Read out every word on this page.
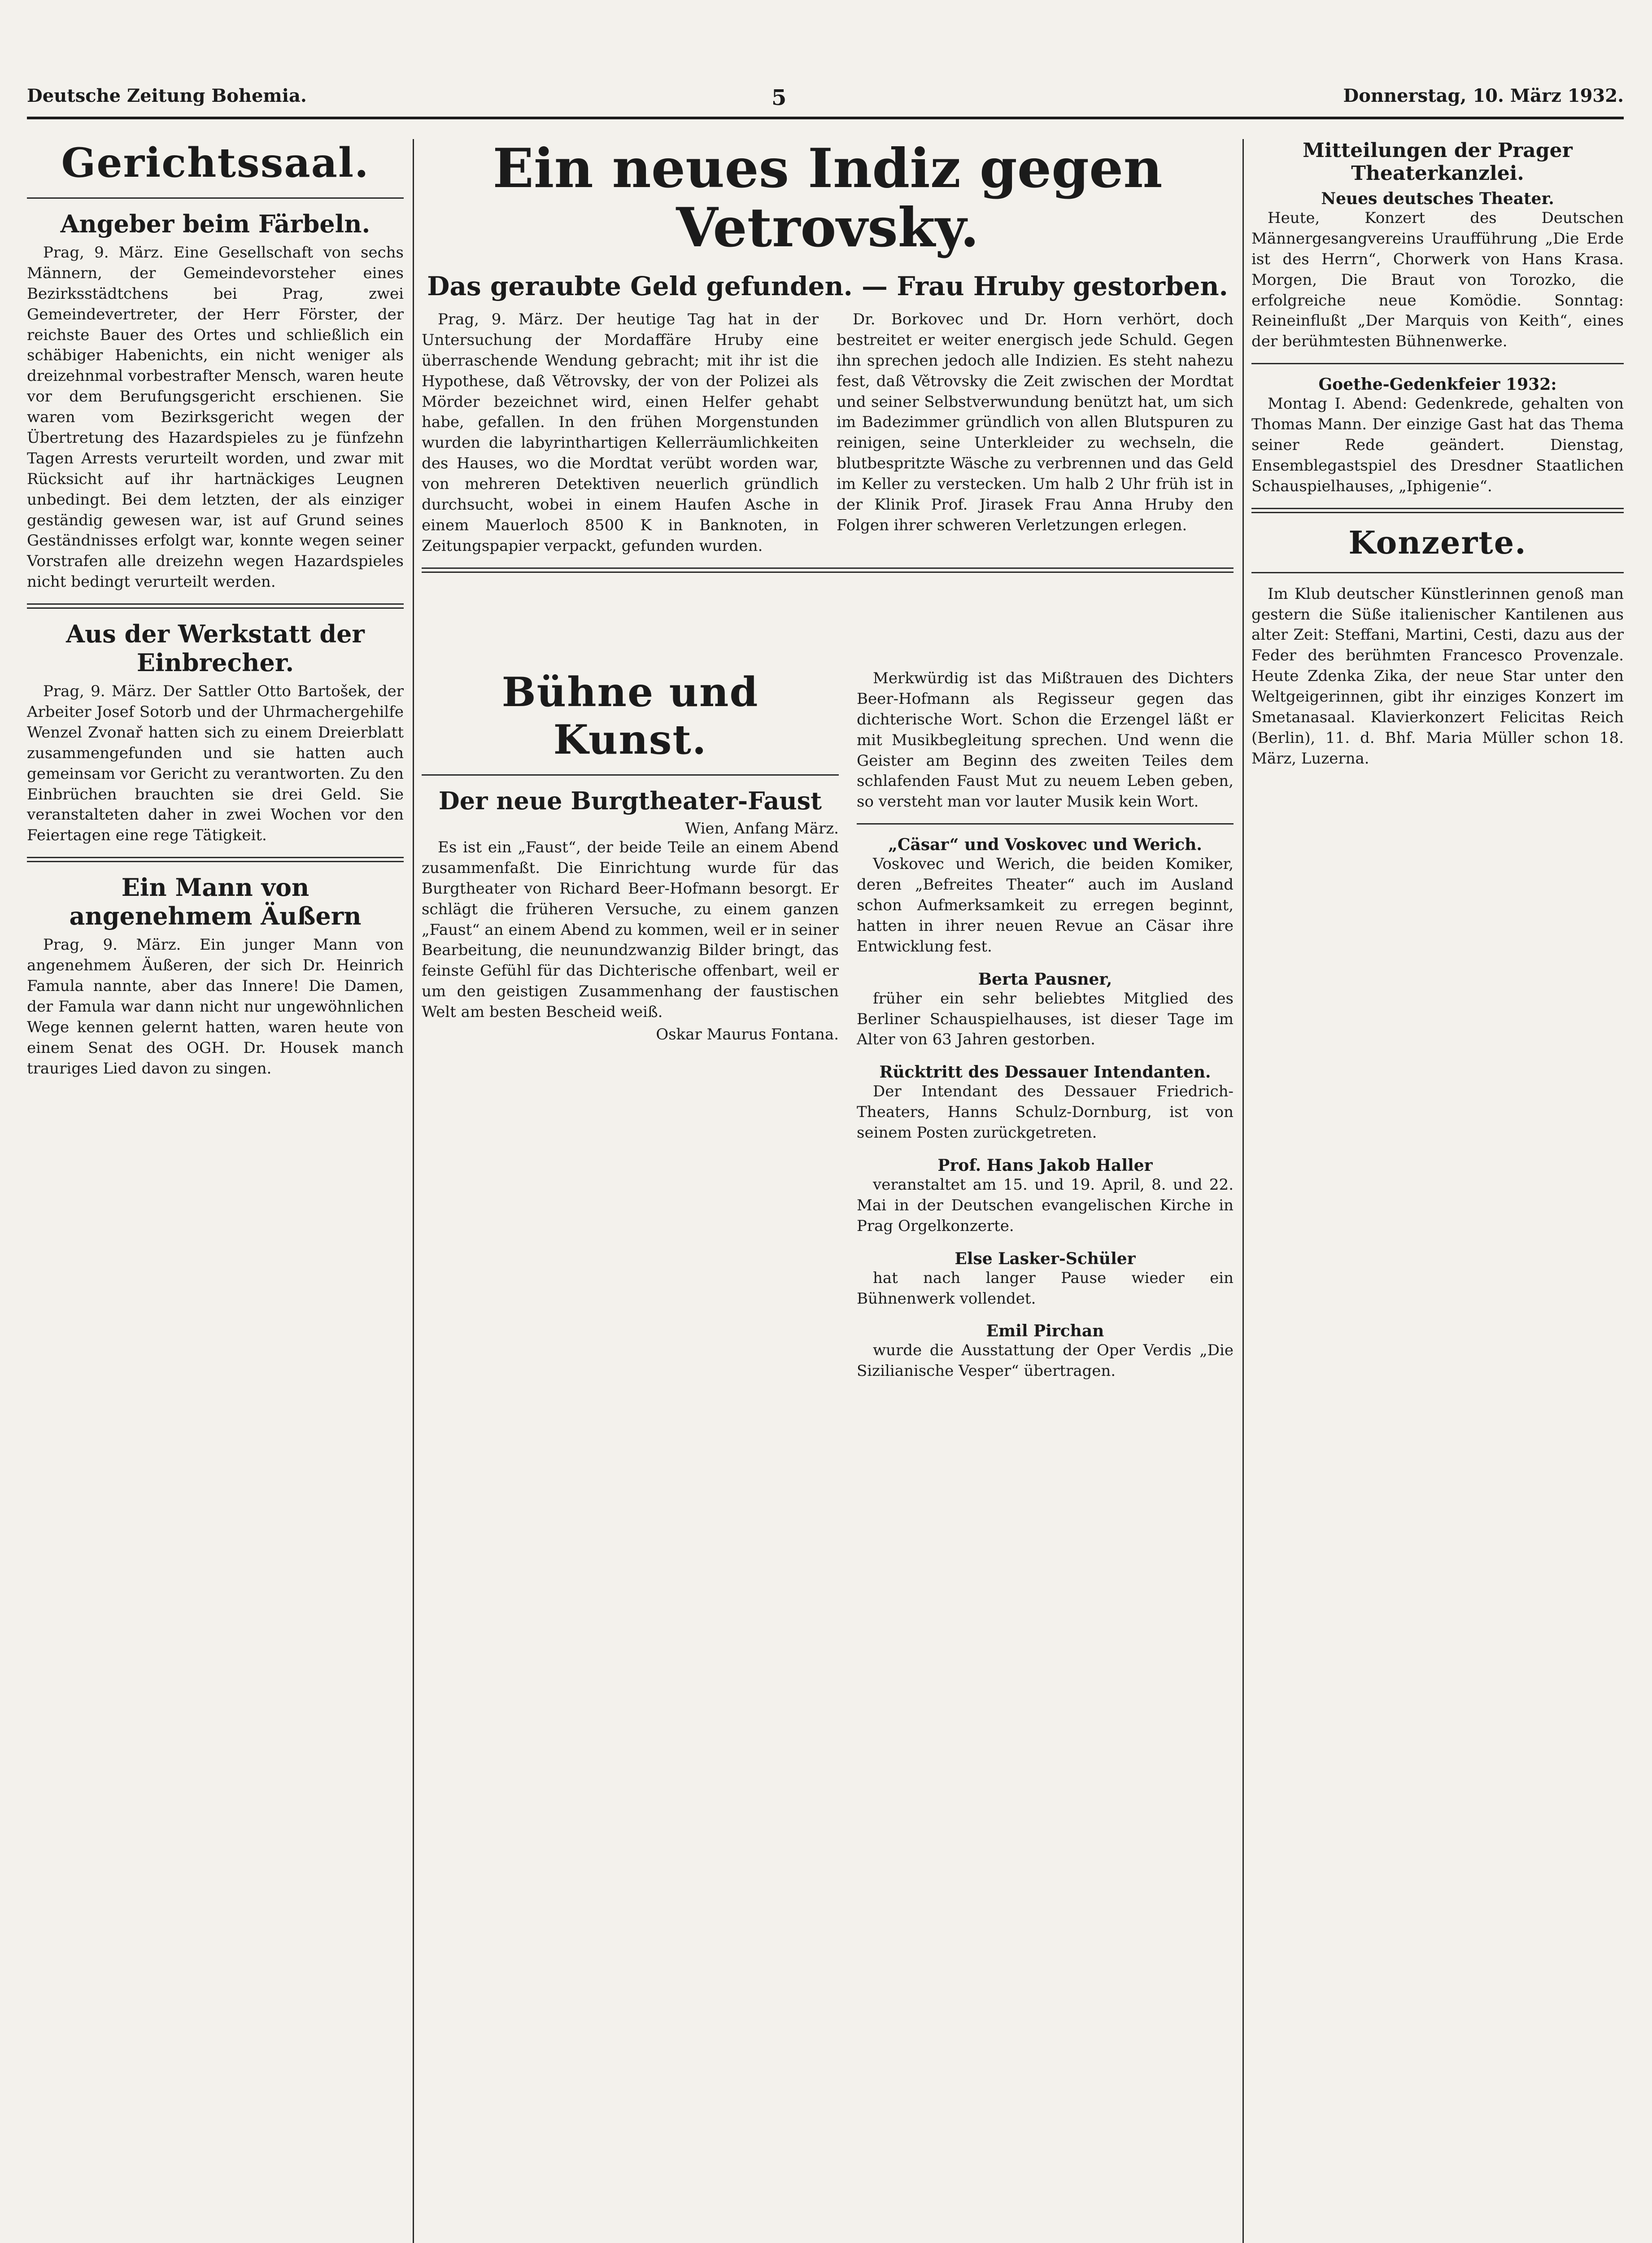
Deutsche Zeitung Bohemia.	5	Donnerstag, 10. März 1932.
Gerichtssaal.
Angeber beim Färbeln.

Prag, 9. März. Eine Gesellschaft von sechs Männern, der Gemeindevorsteher eines Bezirksstädtchens bei Prag, zwei Gemeindevertreter, der Herr Förster, der reichste Bauer des Ortes und schließlich ein schäbiger Habenichts, ein nicht weniger als dreizehnmal vorbestrafter Mensch, waren heute vor dem Berufungsgericht erschienen. Sie waren vom Bezirksgericht wegen der Übertretung des Hazardspieles zu je fünfzehn Tagen Arrests verurteilt worden, und zwar mit Rücksicht auf ihr hartnäckiges Leugnen unbedingt. Bei dem letzten, der als einziger geständig gewesen war, ist auf Grund seines Geständnisses erfolgt war, konnte wegen seiner Vorstrafen alle dreizehn wegen Hazardspieles nicht bedingt verurteilt werden.

Aus der Werkstatt der Einbrecher.

Prag, 9. März. Der Sattler Otto Bartošek, der Arbeiter Josef Sotorb und der Uhrmachergehilfe Wenzel Zvonař hatten sich zu einem Dreierblatt zusammengefunden und sie hatten auch gemeinsam vor Gericht zu verantworten. Zu den Einbrüchen brauchten sie drei Geld. Sie veranstalteten daher in zwei Wochen vor den Feiertagen eine rege Tätigkeit.

Ein Mann von angenehmem Äußern

Prag, 9. März. Ein junger Mann von angenehmem Äußeren, der sich Dr. Heinrich Famula nannte, aber das Innere! Die Damen, der Famula war dann nicht nur ungewöhnlichen Wege kennen gelernt hatten, waren heute von einem Senat des OGH. Dr. Housek manch trauriges Lied davon zu singen.

Ein neues Indiz gegen Vetrovsky.
Das geraubte Geld gefunden. — Frau Hruby gestorben.

Prag, 9. März. Der heutige Tag hat in der Untersuchung der Mordaffäre Hruby eine überraschende Wendung gebracht; mit ihr ist die Hypothese, daß Větrovsky, der von der Polizei als Mörder bezeichnet wird, einen Helfer gehabt habe, gefallen. In den frühen Morgenstunden wurden die labyrinthartigen Kellerräumlichkeiten des Hauses, wo die Mordtat verübt worden war, von mehreren Detektiven neuerlich gründlich durchsucht, wobei in einem Haufen Asche in einem Mauerloch 8500 K in Banknoten, in Zeitungspapier verpackt, gefunden wurden.

Dr. Borkovec und Dr. Horn verhört, doch bestreitet er weiter energisch jede Schuld. Gegen ihn sprechen jedoch alle Indizien. Es steht nahezu fest, daß Větrovsky die Zeit zwischen der Mordtat und seiner Selbstverwundung benützt hat, um sich im Badezimmer gründlich von allen Blutspuren zu reinigen, seine Unterkleider zu wechseln, die blutbespritzte Wäsche zu verbrennen und das Geld im Keller zu verstecken. Um halb 2 Uhr früh ist in der Klinik Prof. Jirasek Frau Anna Hruby den Folgen ihrer schweren Verletzungen erlegen.

Bühne und Kunst.
Der neue Burgtheater-Faust
Wien, Anfang März.

Es ist ein „Faust“, der beide Teile an einem Abend zusammenfaßt. Die Einrichtung wurde für das Burgtheater von Richard Beer-Hofmann besorgt. Er schlägt die früheren Versuche, zu einem ganzen „Faust“ an einem Abend zu kommen, weil er in seiner Bearbeitung, die neunundzwanzig Bilder bringt, das feinste Gefühl für das Dichterische offenbart, weil er um den geistigen Zusammenhang der faustischen Welt am besten Bescheid weiß.

Oskar Maurus Fontana.

Merkwürdig ist das Mißtrauen des Dichters Beer-Hofmann als Regisseur gegen das dichterische Wort. Schon die Erzengel läßt er mit Musikbegleitung sprechen. Und wenn die Geister am Beginn des zweiten Teiles dem schlafenden Faust Mut zu neuem Leben geben, so versteht man vor lauter Musik kein Wort.

„Cäsar“ und Voskovec und Werich.

Voskovec und Werich, die beiden Komiker, deren „Befreites Theater“ auch im Ausland schon Aufmerksamkeit zu erregen beginnt, hatten in ihrer neuen Revue an Cäsar ihre Entwicklung fest.

Berta Pausner,

früher ein sehr beliebtes Mitglied des Berliner Schauspielhauses, ist dieser Tage im Alter von 63 Jahren gestorben.

Rücktritt des Dessauer Intendanten.

Der Intendant des Dessauer Friedrich-Theaters, Hanns Schulz-Dornburg, ist von seinem Posten zurückgetreten.

Prof. Hans Jakob Haller

veranstaltet am 15. und 19. April, 8. und 22. Mai in der Deutschen evangelischen Kirche in Prag Orgelkonzerte.

Else Lasker-Schüler

hat nach langer Pause wieder ein Bühnenwerk vollendet.

Emil Pirchan

wurde die Ausstattung der Oper Verdis „Die Sizilianische Vesper“ übertragen.

Mitteilungen der Prager Theaterkanzlei.
Neues deutsches Theater.

Heute, Konzert des Deutschen Männergesangvereins Uraufführung „Die Erde ist des Herrn“, Chorwerk von Hans Krasa. Morgen, Die Braut von Torozko, die erfolgreiche neue Komödie. Sonntag: Reineinflußt „Der Marquis von Keith“, eines der berühmtesten Bühnenwerke.

Goethe-Gedenkfeier 1932:

Montag I. Abend: Gedenkrede, gehalten von Thomas Mann. Der einzige Gast hat das Thema seiner Rede geändert. Dienstag, Ensemblegastspiel des Dresdner Staatlichen Schauspielhauses, „Iphigenie“.

Konzerte.

Im Klub deutscher Künstlerinnen genoß man gestern die Süße italienischer Kantilenen aus alter Zeit: Steffani, Martini, Cesti, dazu aus der Feder des berühmten Francesco Provenzale. Heute Zdenka Zika, der neue Star unter den Weltgeigerinnen, gibt ihr einziges Konzert im Smetanasaal. Klavierkonzert Felicitas Reich (Berlin), 11. d. Bhf. Maria Müller schon 18. März, Luzerna.
